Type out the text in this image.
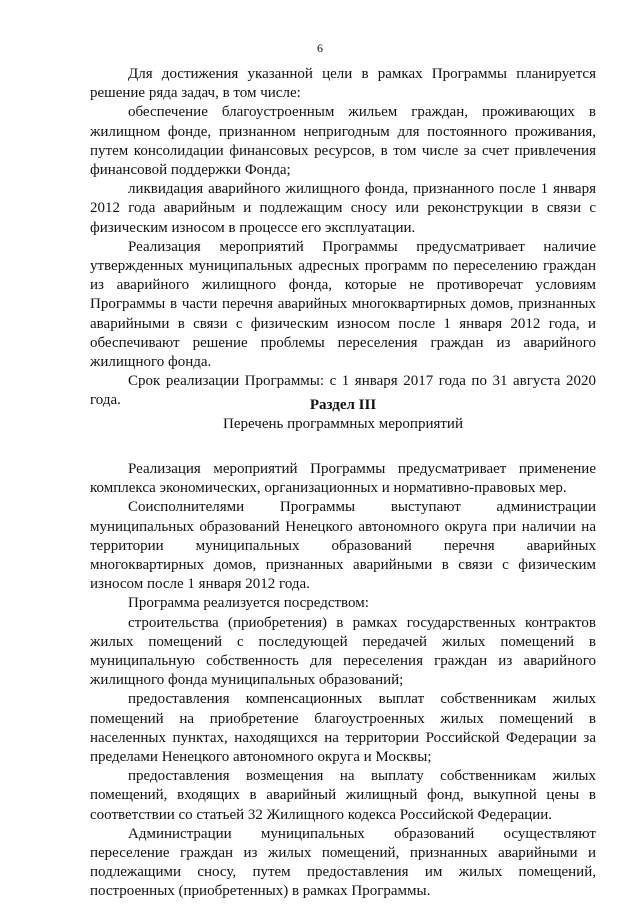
6

Для достижения указанной цели в рамках Программы планируется решение ряда задач, в том числе:

обеспечение благоустроенным жильем граждан, проживающих в жилищном фонде, признанном непригодным для постоянного проживания, путем консолидации финансовых ресурсов, в том числе за счет привлечения финансовой поддержки Фонда;

ликвидация аварийного жилищного фонда, признанного после 1 января 2012 года аварийным и подлежащим сносу или реконструкции в связи с физическим износом в процессе его эксплуатации.

Реализация мероприятий Программы предусматривает наличие утвержденных муниципальных адресных программ по переселению граждан из аварийного жилищного фонда, которые не противоречат условиям Программы в части перечня аварийных многоквартирных домов, признанных аварийными в связи с физическим износом после 1 января 2012 года, и обеспечивают решение проблемы переселения граждан из аварийного жилищного фонда.

Срок реализации Программы: с 1 января 2017 года по 31 августа 2020 года.	Раздел III

Перечень программных мероприятий

Реализация мероприятий Программы предусматривает применение комплекса экономических, организационных и нормативно-правовых мер.

Соисполнителями Программы выступают администрации муниципальных образований Ненецкого автономного округа при наличии на территории муниципальных образований перечня аварийных многоквартирных домов, признанных аварийными в связи с физическим износом после 1 января 2012 года.

Программа реализуется посредством:

строительства (приобретения) в рамках государственных контрактов жилых помещений с последующей передачей жилых помещений в муниципальную собственность для переселения граждан из аварийного жилищного фонда муниципальных образований;

предоставления компенсационных выплат собственникам жилых помещений на приобретение благоустроенных жилых помещений в населенных пунктах, находящихся на территории Российской Федерации за пределами Ненецкого автономного округа и Москвы;

предоставления возмещения на выплату собственникам жилых помещений, входящих в аварийный жилищный фонд, выкупной цены в соответствии со статьей 32 Жилищного кодекса Российской Федерации.

Администрации муниципальных образований осуществляют переселение граждан из жилых помещений, признанных аварийными и подлежащими сносу, путем предоставления им жилых помещений, построенных (приобретенных) в рамках Программы.
